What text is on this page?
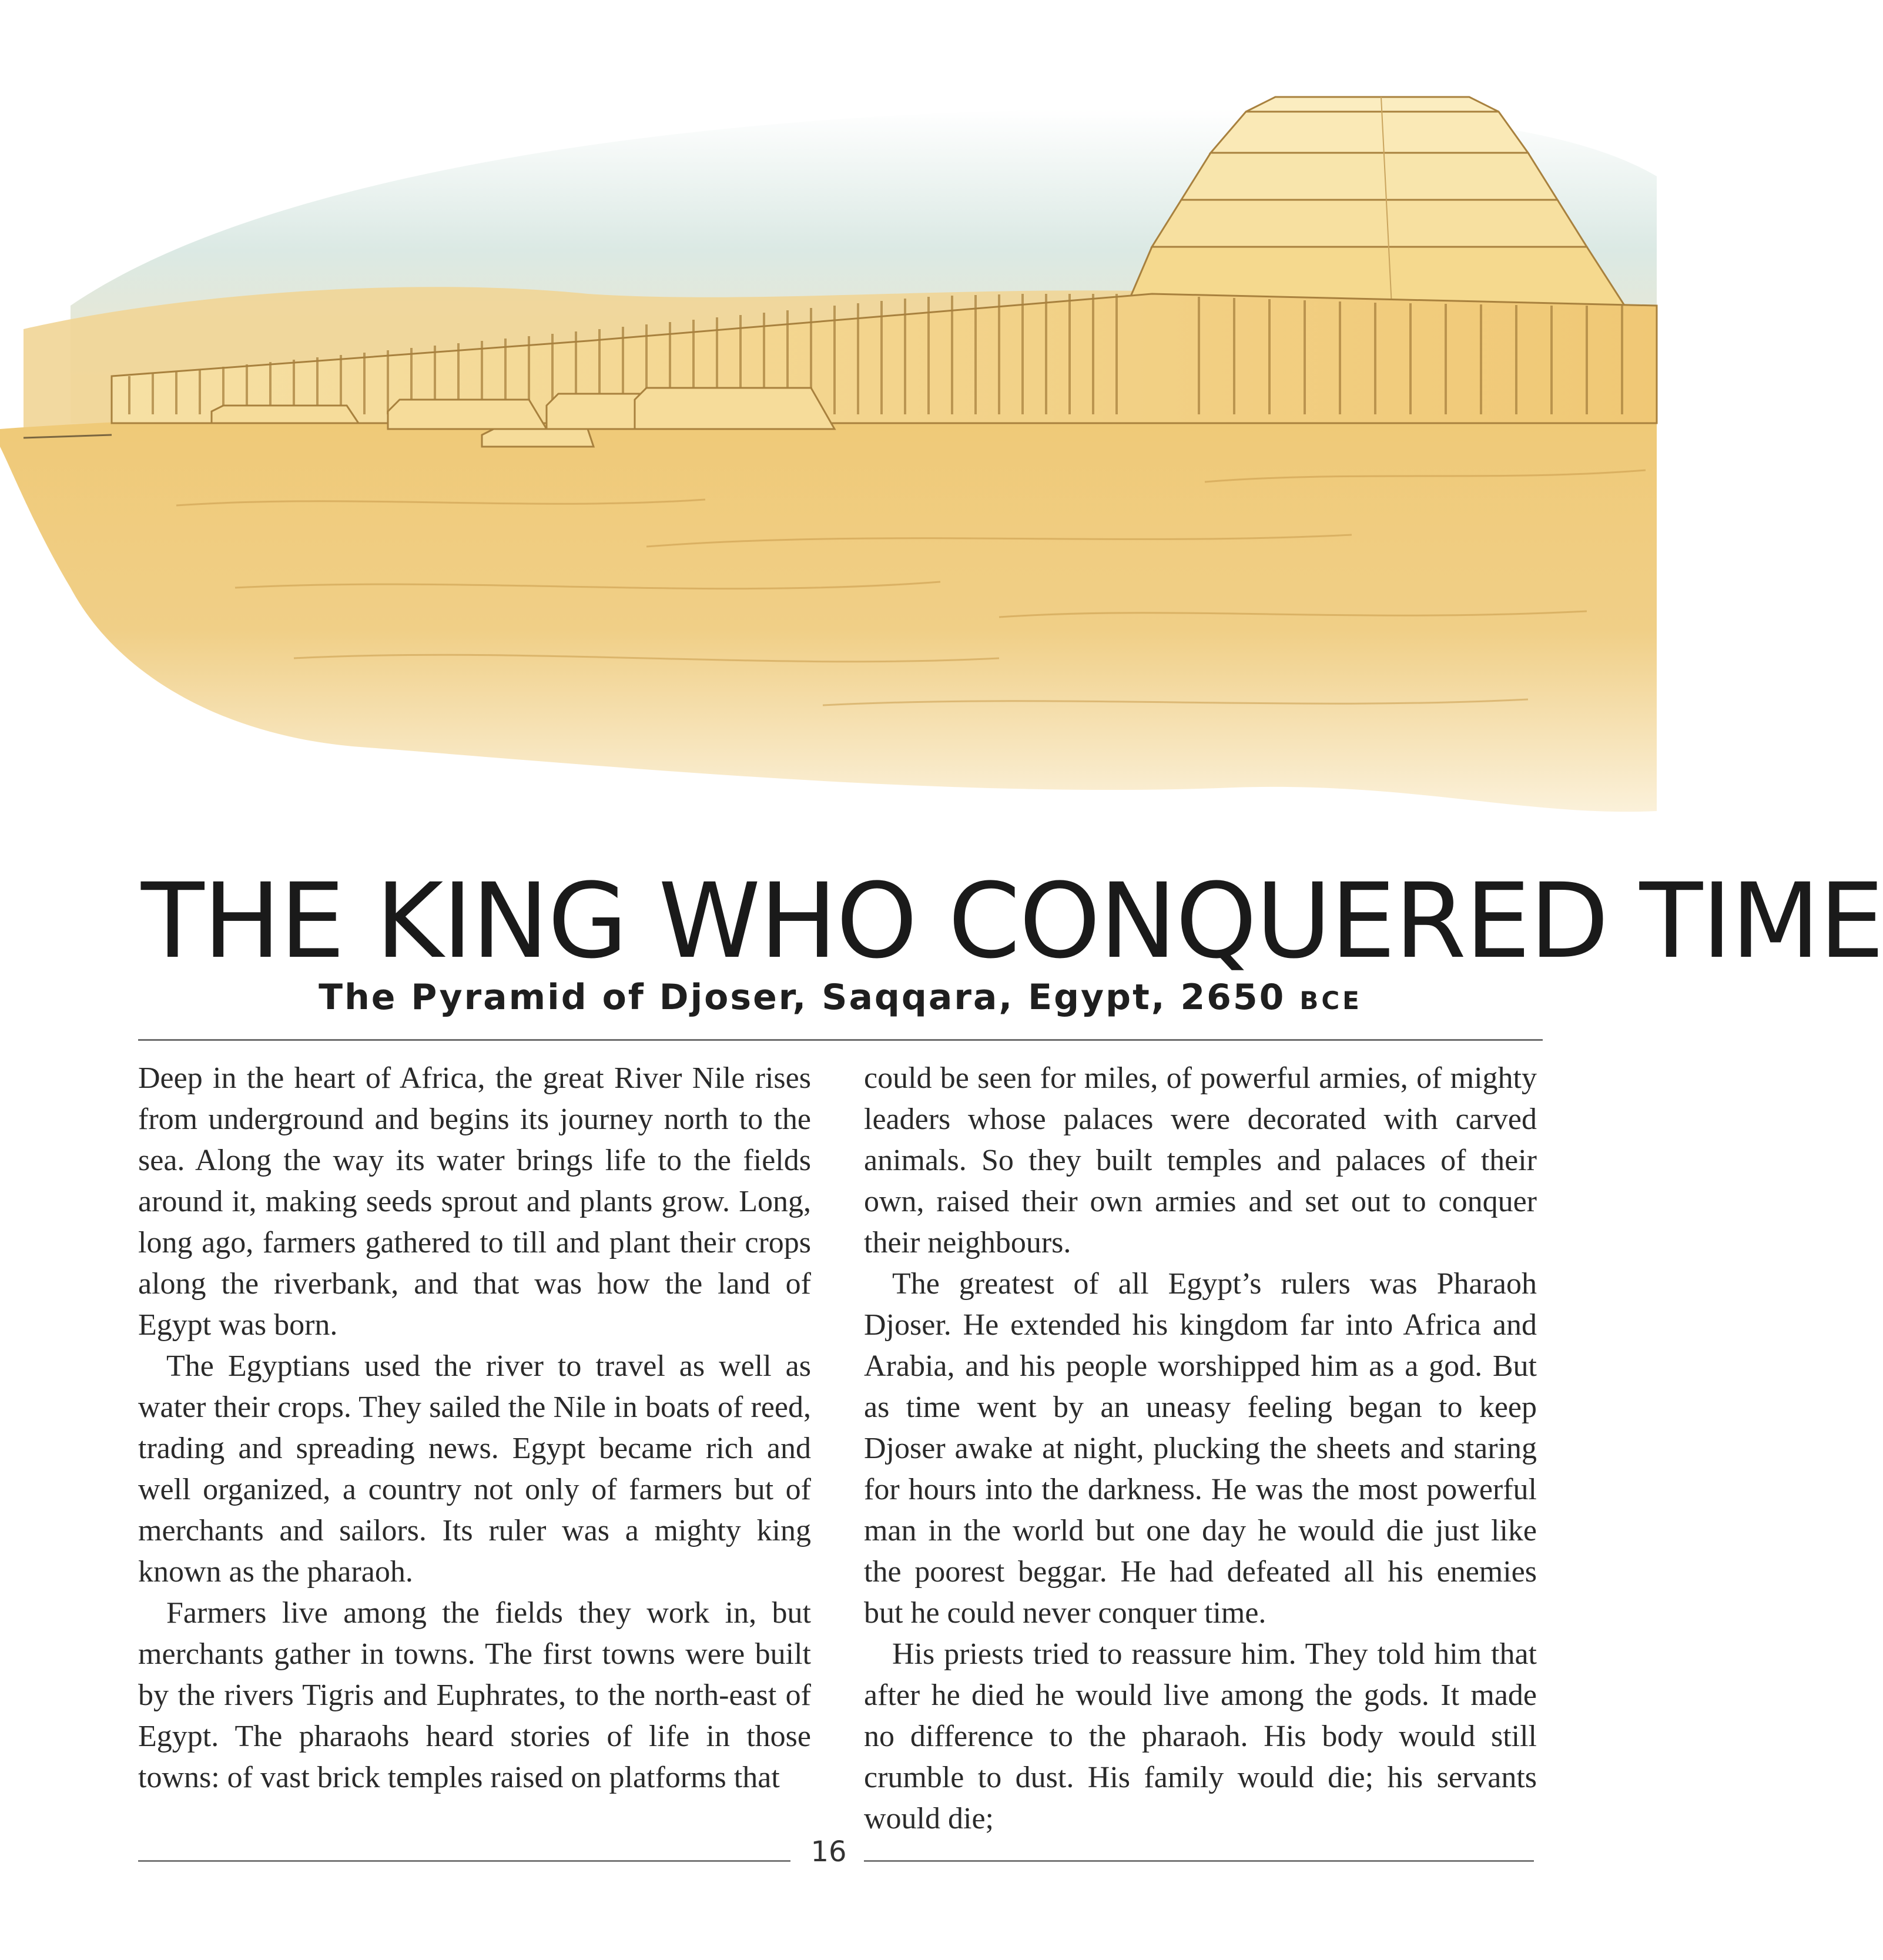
THE KING WHO CONQUERED TIME
The Pyramid of Djoser, Saqqara, Egypt, 2650 BCE

Deep in the heart of Africa, the great River Nile rises from underground and begins its journey north to the sea. Along the way its water brings life to the fields around it, making seeds sprout and plants grow. Long, long ago, farmers gathered to till and plant their crops along the riverbank, and that was how the land of Egypt was born.

The Egyptians used the river to travel as well as water their crops. They sailed the Nile in boats of reed, trading and spreading news. Egypt became rich and well organized, a country not only of farmers but of merchants and sailors. Its ruler was a mighty king known as the pharaoh.

Farmers live among the fields they work in, but merchants gather in towns. The first towns were built by the rivers Tigris and Euphrates, to the north-east of Egypt. The pharaohs heard stories of life in those towns: of vast brick temples raised on platforms that

could be seen for miles, of powerful armies, of mighty leaders whose palaces were decorated with carved animals. So they built temples and palaces of their own, raised their own armies and set out to conquer their neighbours.

The greatest of all Egypt’s rulers was Pharaoh Djoser. He extended his kingdom far into Africa and Arabia, and his people worshipped him as a god. But as time went by an uneasy feeling began to keep Djoser awake at night, plucking the sheets and staring for hours into the darkness. He was the most powerful man in the world but one day he would die just like the poorest beggar. He had defeated all his enemies but he could never conquer time.

His priests tried to reassure him. They told him that after he died he would live among the gods. It made no difference to the pharaoh. His body would still crumble to dust. His family would die; his servants would die;

16
